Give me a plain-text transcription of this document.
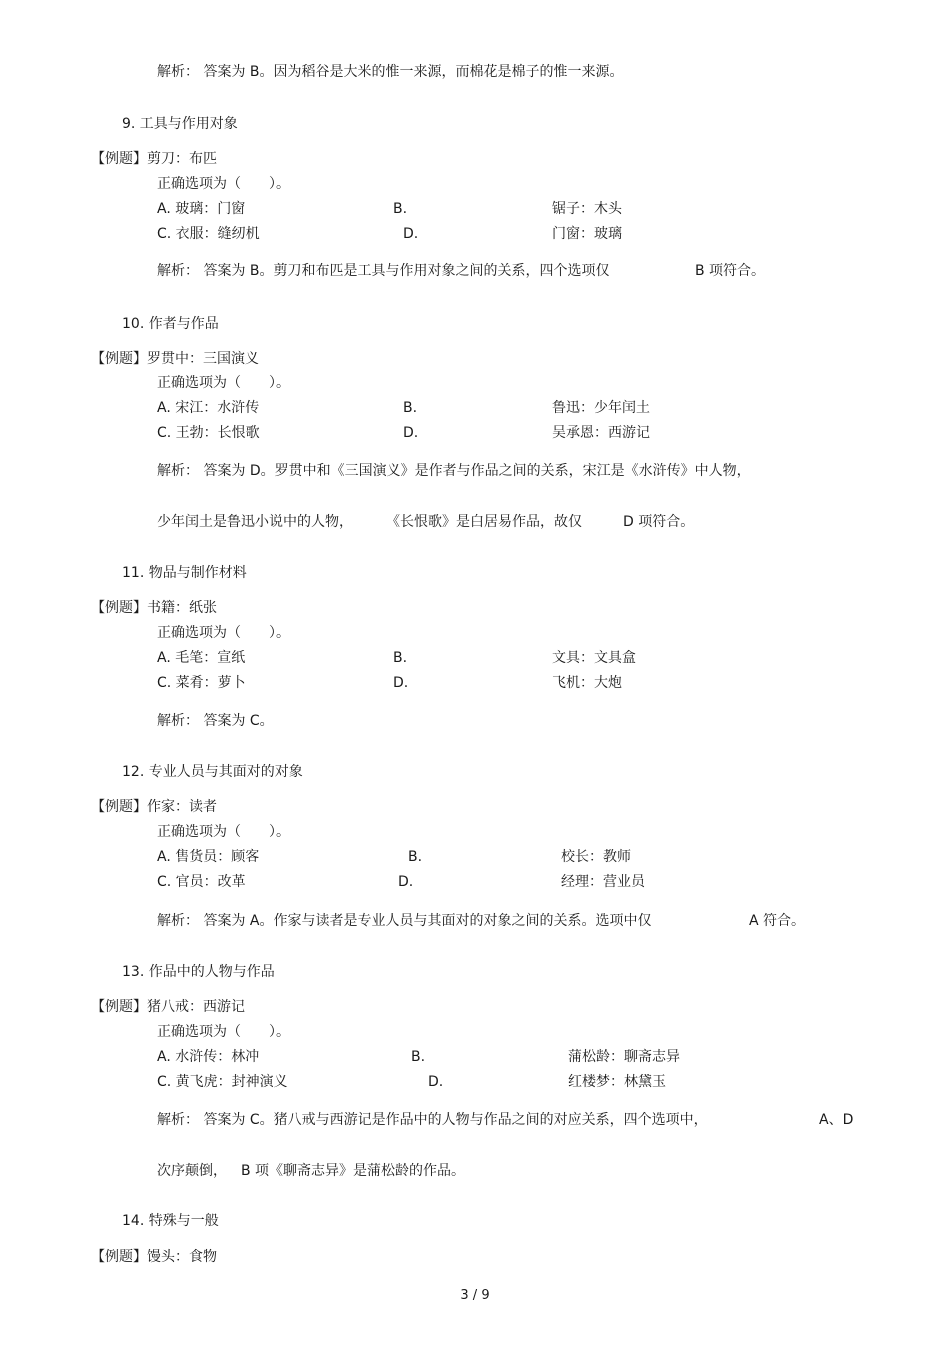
解析： 答案为 B。因为稻谷是大米的惟一来源，而棉花是棉子的惟一来源。
9. 工具与作用对象
【例题】剪刀：布匹
正确选项为（　　）。
A. 玻璃：门窗	B.	锯子：木头
C. 衣服：缝纫机	D.	门窗：玻璃
解析： 答案为 B。剪刀和布匹是工具与作用对象之间的关系，四个选项仅	B 项符合。
10. 作者与作品
【例题】罗贯中：三国演义
正确选项为（　　）。
A. 宋江：水浒传	B.	鲁迅：少年闰土
C. 王勃：长恨歌	D.	吴承恩：西游记
解析： 答案为 D。罗贯中和《三国演义》是作者与作品之间的关系，宋江是《水浒传》中人物，
少年闰土是鲁迅小说中的人物， 《长恨歌》是白居易作品，故仅	D 项符合。
11. 物品与制作材料
【例题】书籍：纸张
正确选项为（　　）。
A. 毛笔：宣纸	B.	文具：文具盒
C. 菜肴：萝卜	D.	飞机：大炮
解析： 答案为 C。
12. 专业人员与其面对的对象
【例题】作家：读者
正确选项为（　　）。
A. 售货员：顾客	B.	校长：教师
C. 官员：改革	D.	经理：营业员
解析： 答案为 A。作家与读者是专业人员与其面对的对象之间的关系。选项中仅	A 符合。
13. 作品中的人物与作品
【例题】猪八戒：西游记
正确选项为（　　）。
A. 水浒传：林冲	B.	蒲松龄：聊斋志异
C. 黄飞虎：封神演义	D.	红楼梦：林黛玉
解析： 答案为 C。猪八戒与西游记是作品中的人物与作品之间的对应关系，四个选项中，	A、D
次序颠倒， B 项《聊斋志异》是蒲松龄的作品。
14. 特殊与一般
【例题】馒头：食物
3 / 9
